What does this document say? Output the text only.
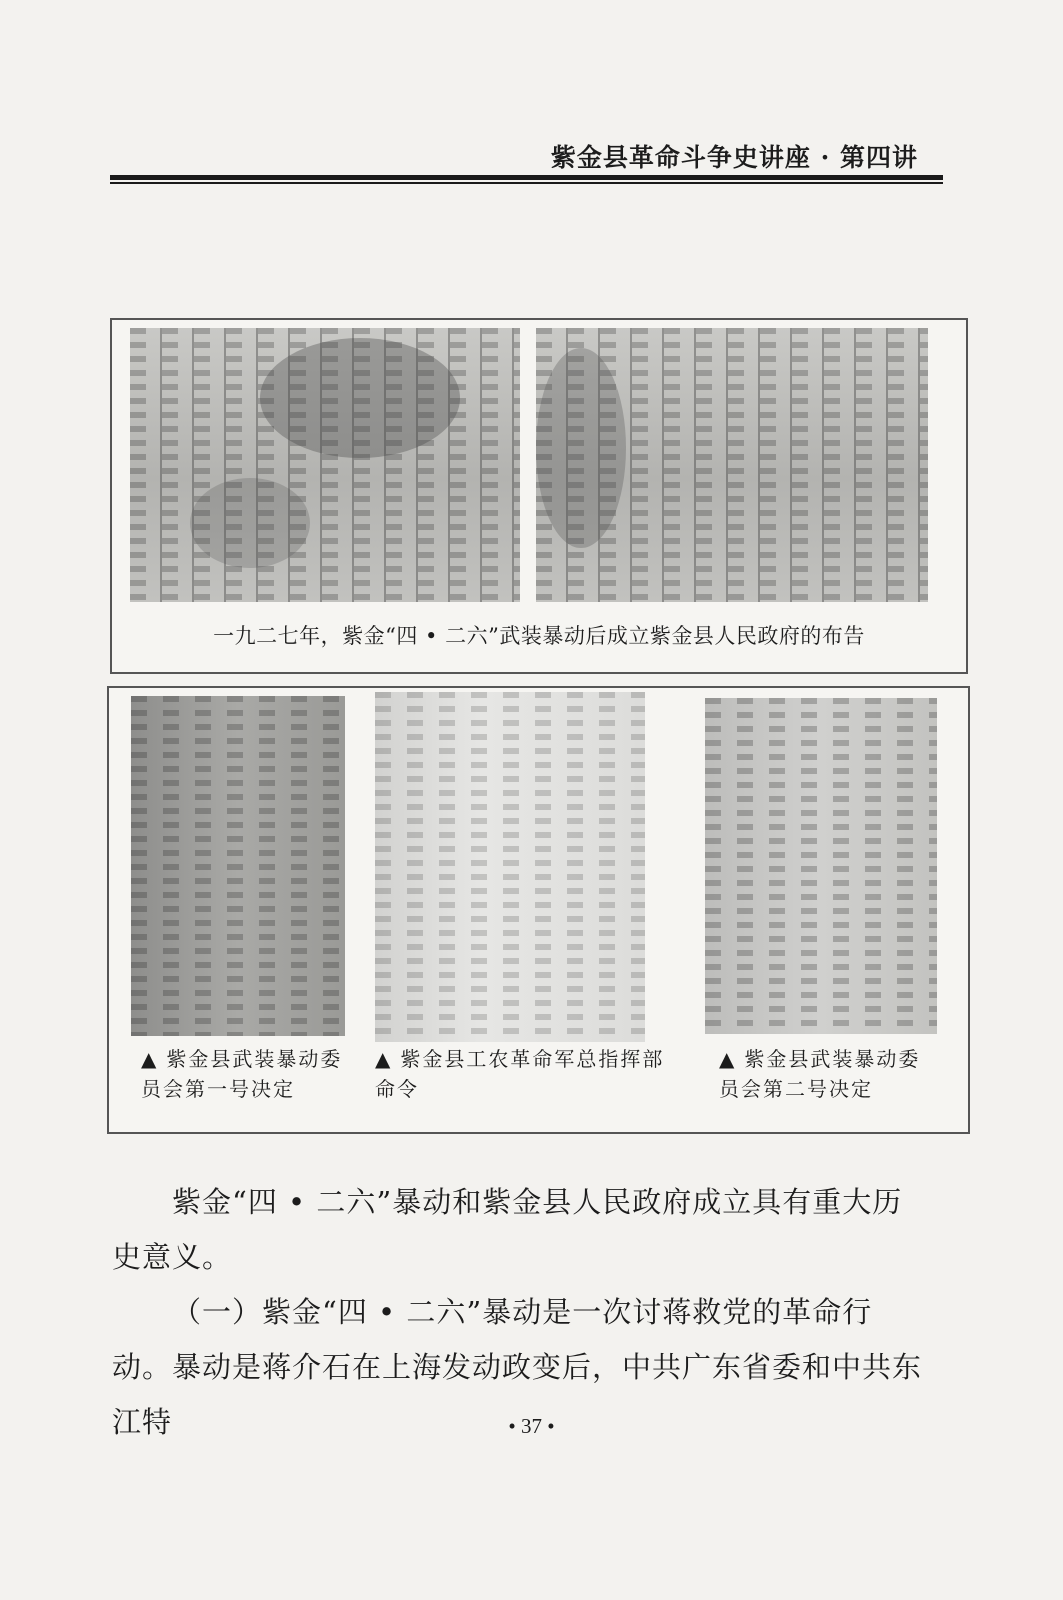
紫金县革命斗争史讲座 · 第四讲
一九二七年，紫金“四 • 二六”武装暴动后成立紫金县人民政府的布告
▲ 紫金县武装暴动委员会第一号决定
▲ 紫金县工农革命军总指挥部命令
▲ 紫金县武装暴动委员会第二号决定
紫金“四 • 二六”暴动和紫金县人民政府成立具有重大历史意义。
（一）紫金“四 • 二六”暴动是一次讨蒋救党的革命行动。暴动是蒋介石在上海发动政变后，中共广东省委和中共东江特	• 37 •
